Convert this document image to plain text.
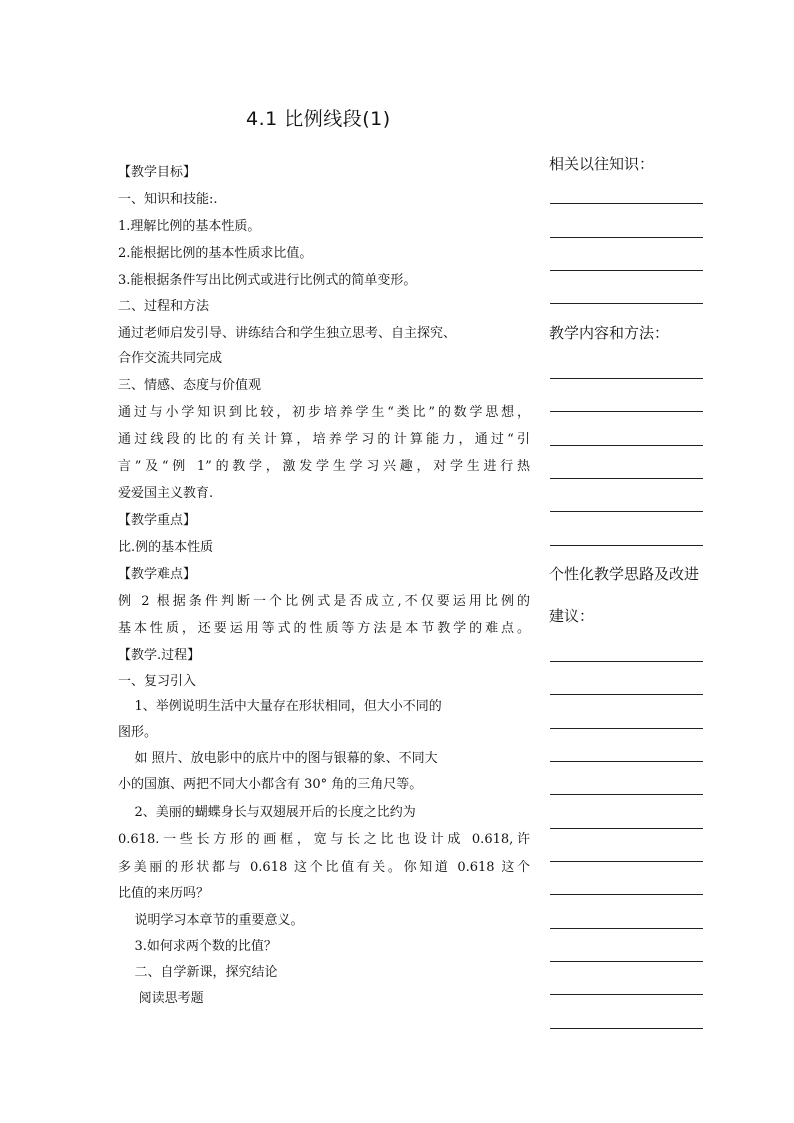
4.1 比例线段(1)
【教学目标】
一、知识和技能:.
1.理解比例的基本性质。
2.能根据比例的基本性质求比值。
3.能根据条件写出比例式或进行比例式的简单变形。
二、过程和方法
通过老师启发引导、讲练结合和学生独立思考、自主探究、
合作交流共同完成
三、情感、态度与价值观
通过与小学知识到比较，初步培养学生“类比”的数学思想，
通过线段的比的有关计算，培养学习的计算能力，通过“引
言”及“例 1”的教学，激发学生学习兴趣，对学生进行热
爱爱国主义教育.
【教学重点】
比.例的基本性质
【教学难点】
例 2 根据条件判断一个比例式是否成立,不仅要运用比例的
基本性质，还要运用等式的性质等方法是本节教学的难点。
【教学.过程】
一、复习引入
1、举例说明生活中大量存在形状相同，但大小不同的
图形。
如 照片、放电影中的底片中的图与银幕的象、不同大
小的国旗、两把不同大小都含有 30° 角的三角尺等。
2、美丽的蝴蝶身长与双翅展开后的长度之比约为
0.618.一些长方形的画框，宽与长之比也设计成 0.618,许
多美丽的形状都与 0.618 这个比值有关。你知道 0.618 这个
比值的来历吗？
说明学习本章节的重要意义。
3.如何求两个数的比值？
二、自学新课，探究结论
阅读思考题
相关以往知识：
教学内容和方法：
个性化教学思路及改进
建议：
